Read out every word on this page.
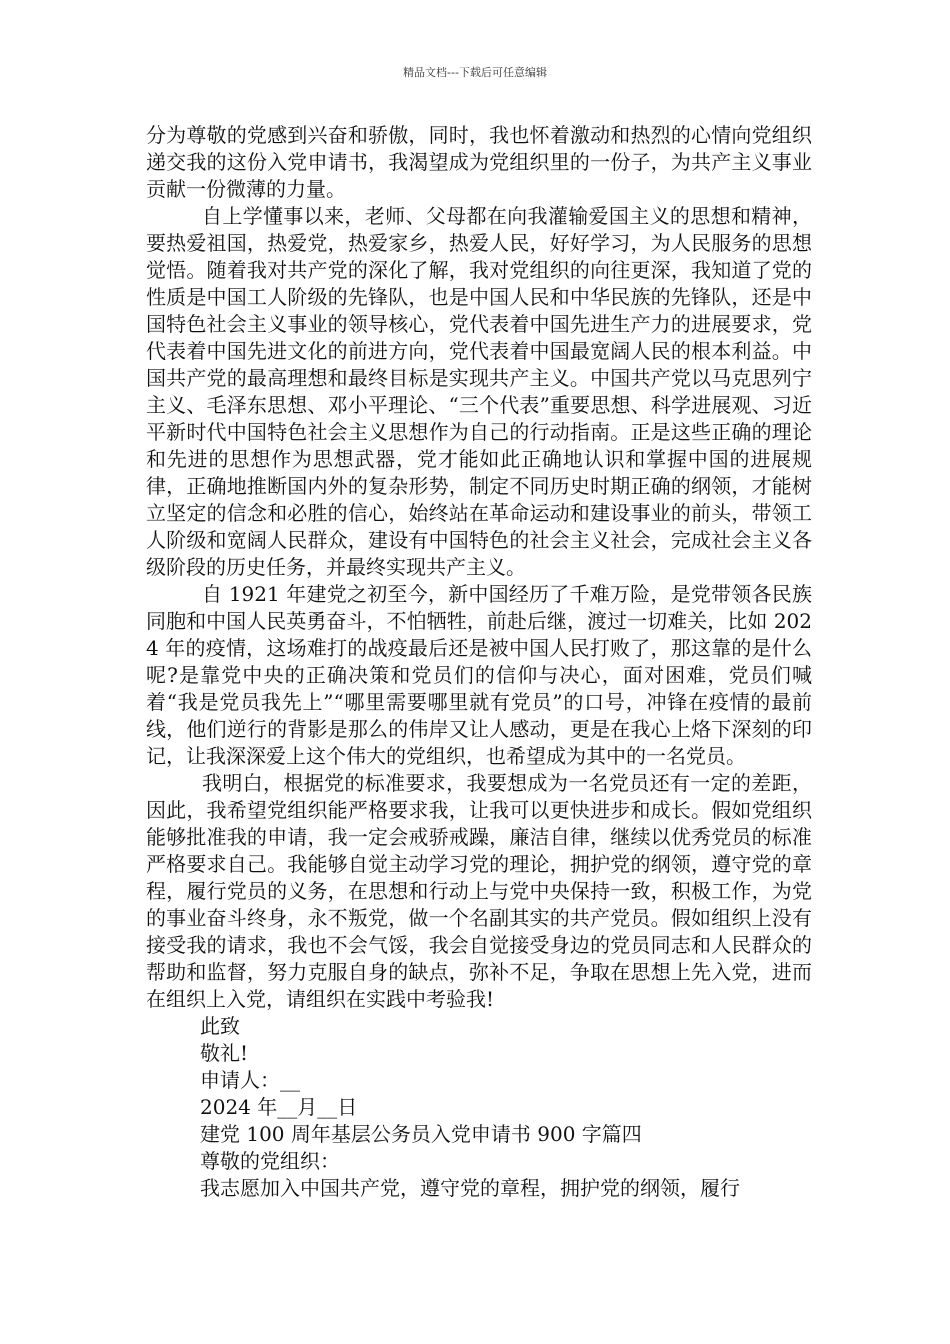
精品文档---下载后可任意编辑

分为尊敬的党感到兴奋和骄傲，同时，我也怀着激动和热烈的心情向党组织递交我的这份入党申请书，我渴望成为党组织里的一份子，为共产主义事业贡献一份微薄的力量。

自上学懂事以来，老师、父母都在向我灌输爱国主义的思想和精神，要热爱祖国，热爱党，热爱家乡，热爱人民，好好学习，为人民服务的思想觉悟。随着我对共产党的深化了解，我对党组织的向往更深，我知道了党的性质是中国工人阶级的先锋队，也是中国人民和中华民族的先锋队，还是中国特色社会主义事业的领导核心，党代表着中国先进生产力的进展要求，党代表着中国先进文化的前进方向，党代表着中国最宽阔人民的根本利益。中国共产党的最高理想和最终目标是实现共产主义。中国共产党以马克思列宁主义、毛泽东思想、邓小平理论、“三个代表”重要思想、科学进展观、习近平新时代中国特色社会主义思想作为自己的行动指南。正是这些正确的理论和先进的思想作为思想武器，党才能如此正确地认识和掌握中国的进展规律，正确地推断国内外的复杂形势，制定不同历史时期正确的纲领，才能树立坚定的信念和必胜的信心，始终站在革命运动和建设事业的前头，带领工人阶级和宽阔人民群众，建设有中国特色的社会主义社会，完成社会主义各级阶段的历史任务，并最终实现共产主义。

自 1921 年建党之初至今，新中国经历了千难万险，是党带领各民族同胞和中国人民英勇奋斗，不怕牺牲，前赴后继，渡过一切难关，比如 2024 年的疫情，这场难打的战疫最后还是被中国人民打败了，那这靠的是什么呢?是靠党中央的正确决策和党员们的信仰与决心，面对困难，党员们喊着“我是党员我先上”“哪里需要哪里就有党员”的口号，冲锋在疫情的最前线，他们逆行的背影是那么的伟岸又让人感动，更是在我心上烙下深刻的印记，让我深深爱上这个伟大的党组织，也希望成为其中的一名党员。

我明白，根据党的标准要求，我要想成为一名党员还有一定的差距，因此，我希望党组织能严格要求我，让我可以更快进步和成长。假如党组织能够批准我的申请，我一定会戒骄戒躁，廉洁自律，继续以优秀党员的标准严格要求自己。我能够自觉主动学习党的理论，拥护党的纲领，遵守党的章程，履行党员的义务，在思想和行动上与党中央保持一致，积极工作，为党的事业奋斗终身，永不叛党，做一个名副其实的共产党员。假如组织上没有接受我的请求，我也不会气馁，我会自觉接受身边的党员同志和人民群众的帮助和监督，努力克服自身的缺点，弥补不足，争取在思想上先入党，进而在组织上入党，请组织在实践中考验我!

此致

敬礼!

申请人：__

2024 年__月__日

建党 100 周年基层公务员入党申请书 900 字篇四

尊敬的党组织：

我志愿加入中国共产党，遵守党的章程，拥护党的纲领，履行
